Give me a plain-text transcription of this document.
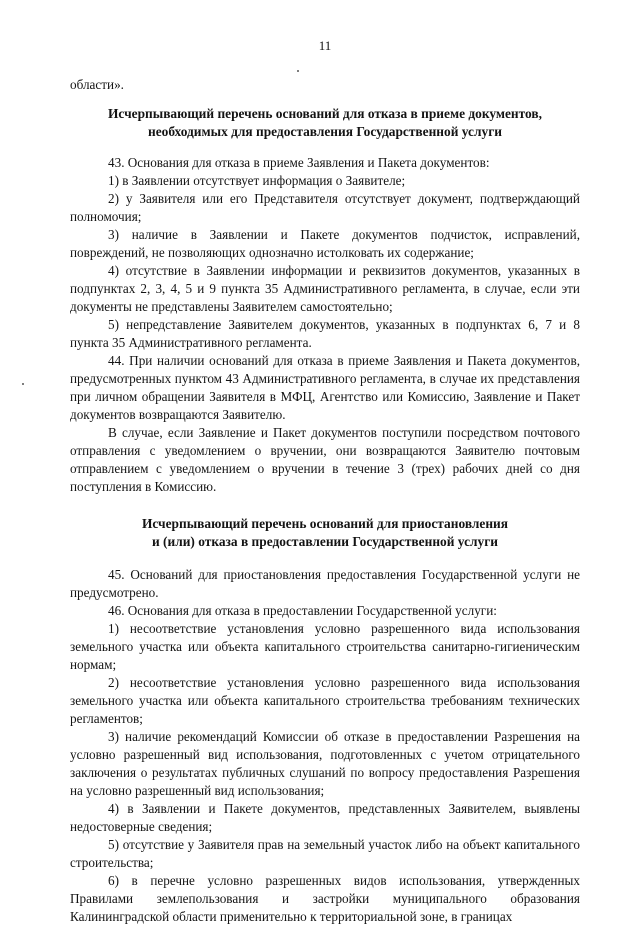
11

области».

Исчерпывающий перечень оснований для отказа в приеме документов,
необходимых для предоставления Государственной услуги

43. Основания для отказа в приеме Заявления и Пакета документов:

1) в Заявлении отсутствует информация о Заявителе;

2) у Заявителя или его Представителя отсутствует документ, подтверждающий полномочия;

3) наличие в Заявлении и Пакете документов подчисток, исправлений, повреждений, не позволяющих однозначно истолковать их содержание;

4) отсутствие в Заявлении информации и реквизитов документов, указанных в подпунктах 2, 3, 4, 5 и 9 пункта 35 Административного регламента, в случае, если эти документы не представлены Заявителем самостоятельно;

5) непредставление Заявителем документов, указанных в подпунктах 6, 7 и 8 пункта 35 Административного регламента.

44. При наличии оснований для отказа в приеме Заявления и Пакета документов, предусмотренных пунктом 43 Административного регламента, в случае их представления при личном обращении Заявителя в МФЦ, Агентство или Комиссию, Заявление и Пакет документов возвращаются Заявителю.

В случае, если Заявление и Пакет документов поступили посредством почтового отправления с уведомлением о вручении, они возвращаются Заявителю почтовым отправлением с уведомлением о вручении в течение 3 (трех) рабочих дней со дня поступления в Комиссию.

Исчерпывающий перечень оснований для приостановления
и (или) отказа в предоставлении Государственной услуги

45. Оснований для приостановления предоставления Государственной услуги не предусмотрено.

46. Основания для отказа в предоставлении Государственной услуги:

1) несоответствие установления условно разрешенного вида использования земельного участка или объекта капитального строительства санитарно-гигиеническим нормам;

2) несоответствие установления условно разрешенного вида использования земельного участка или объекта капитального строительства требованиям технических регламентов;

3) наличие рекомендаций Комиссии об отказе в предоставлении Разрешения на условно разрешенный вид использования, подготовленных с учетом отрицательного заключения о результатах публичных слушаний по вопросу предоставления Разрешения на условно разрешенный вид использования;

4) в Заявлении и Пакете документов, представленных Заявителем, выявлены недостоверные сведения;

5) отсутствие у Заявителя прав на земельный участок либо на объект капитального строительства;

6) в перечне условно разрешенных видов использования, утвержденных Правилами землепользования и застройки муниципального образования Калининградской области применительно к территориальной зоне, в границах
